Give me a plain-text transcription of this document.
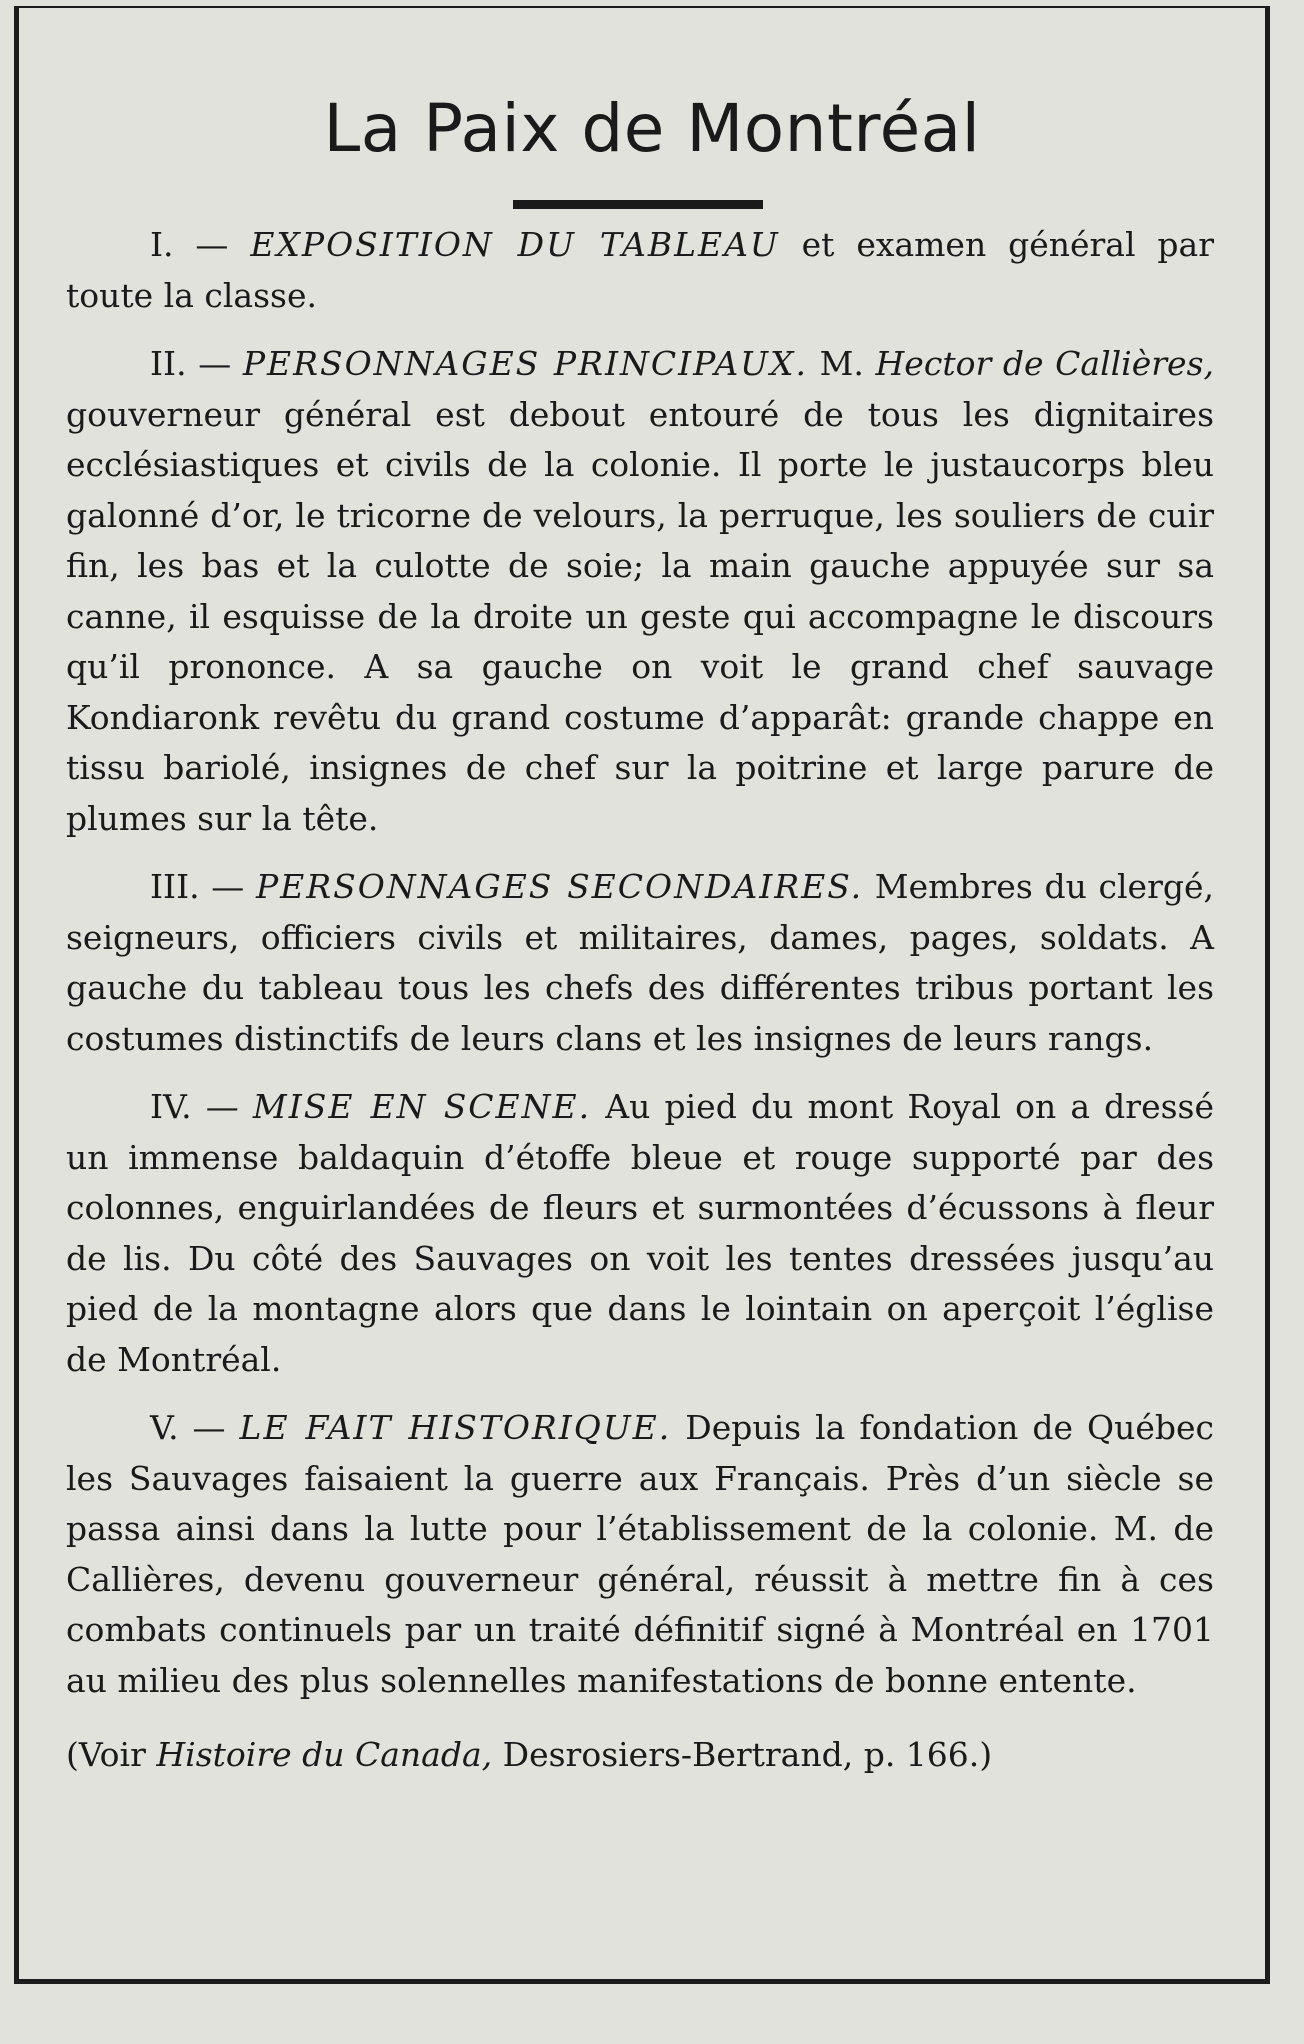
La Paix de Montréal

I. — EXPOSITION DU TABLEAU et examen général par toute la classe.

II. — PERSONNAGES PRINCIPAUX. M. Hector de Callières, gouverneur général est debout entouré de tous les dignitaires ecclésiastiques et civils de la colonie. Il porte le justaucorps bleu galonné d’or, le tricorne de velours, la perruque, les souliers de cuir fin, les bas et la culotte de soie; la main gauche appuyée sur sa canne, il esquisse de la droite un geste qui accompagne le discours qu’il prononce. A sa gauche on voit le grand chef sauvage Kondiaronk revêtu du grand costume d’apparât: grande chappe en tissu bariolé, insignes de chef sur la poitrine et large parure de plumes sur la tête.

III. — PERSONNAGES SECONDAIRES. Membres du clergé, seigneurs, officiers civils et militaires, dames, pages, soldats. A gauche du tableau tous les chefs des différentes tribus portant les costumes distinctifs de leurs clans et les insignes de leurs rangs.

IV. — MISE EN SCENE. Au pied du mont Royal on a dressé un immense baldaquin d’étoffe bleue et rouge supporté par des colonnes, enguirlandées de fleurs et surmontées d’écussons à fleur de lis. Du côté des Sauvages on voit les tentes dressées jusqu’au pied de la montagne alors que dans le lointain on aperçoit l’église de Montréal.

V. — LE FAIT HISTORIQUE. Depuis la fondation de Québec les Sauvages faisaient la guerre aux Français. Près d’un siècle se passa ainsi dans la lutte pour l’établissement de la colonie. M. de Callières, devenu gouverneur général, réussit à mettre fin à ces combats continuels par un traité définitif signé à Montréal en 1701 au milieu des plus solennelles manifestations de bonne entente.

(Voir Histoire du Canada, Desrosiers-Bertrand, p. 166.)
